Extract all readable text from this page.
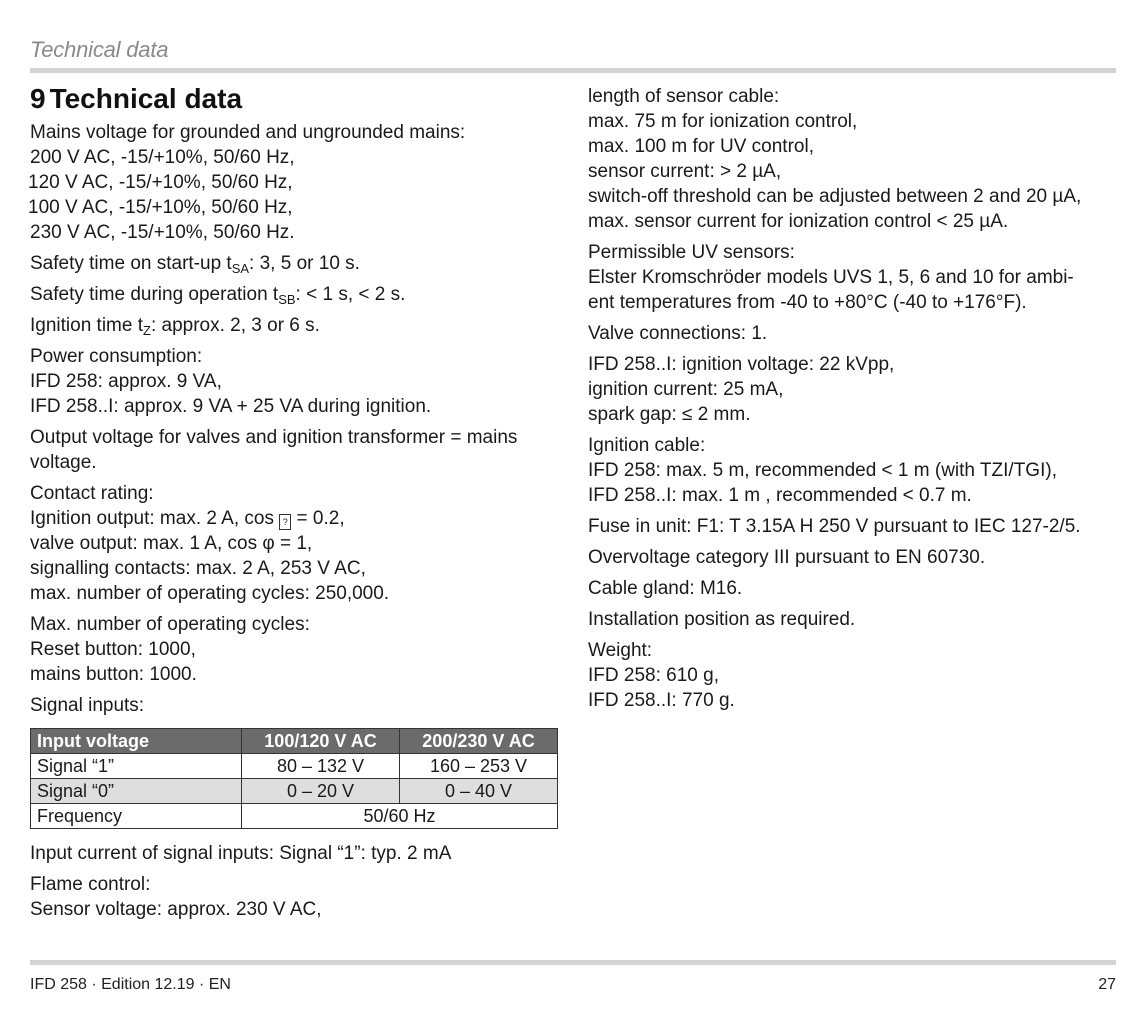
Technical data
9 Technical data

Mains voltage for grounded and ungrounded mains:
200 V AC, -15/+10%, 50/60 Hz,
120 V AC, -15/+10%, 50/60 Hz,
100 V AC, -15/+10%, 50/60 Hz,
230 V AC, -15/+10%, 50/60 Hz.

Safety time on start-up $t_{SA}$: 3, 5 or 10 s.

Safety time during operation $t_{SB}$: < 1 s, < 2 s.

Ignition time $t_Z$: approx. 2, 3 or 6 s.

Power consumption:
IFD 258: approx. 9 VA,
IFD 258..I: approx. 9 VA + 25 VA during ignition.

Output voltage for valves and ignition transformer = mains
voltage.

Contact rating:
Ignition output: max. 2 A, cos ? = 0.2,
valve output: max. 1 A, cos φ = 1,
signalling contacts: max. 2 A, 253 V AC,
max. number of operating cycles: 250,000.

Max. number of operating cycles:
Reset button: 1000,
mains button: 1000.

Signal inputs:

Input voltage	100/120 V AC	200/230 V AC
Signal “1”	80 – 132 V	160 – 253 V
Signal “0”	0 – 20 V	0 – 40 V
Frequency	50/60 Hz	

Input current of signal inputs: Signal “1”: typ. 2 mA

Flame control:
Sensor voltage: approx. 230 V AC,

length of sensor cable:
max. 75 m for ionization control,
max. 100 m for UV control,
sensor current: > 2 µA,
switch-off threshold can be adjusted between 2 and 20 µA,
max. sensor current for ionization control < 25 µA.

Permissible UV sensors:
Elster Kromschröder models UVS 1, 5, 6 and 10 for ambi-
ent temperatures from -40 to +80°C (-40 to +176°F).

Valve connections: 1.

IFD 258..I: ignition voltage: 22 kVpp,
ignition current: 25 mA,
spark gap: ≤ 2 mm.

Ignition cable:
IFD 258: max. 5 m, recommended < 1 m (with TZI/TGI),
IFD 258..I: max. 1 m , recommended < 0.7 m.

Fuse in unit: F1: T 3.15A H 250 V pursuant to IEC 127-2/5.

Overvoltage category III pursuant to EN 60730.

Cable gland: M16.

Installation position as required.

Weight:
IFD 258: 610 g,
IFD 258..I: 770 g.

IFD 258 · Edition 12.19 · EN	27
